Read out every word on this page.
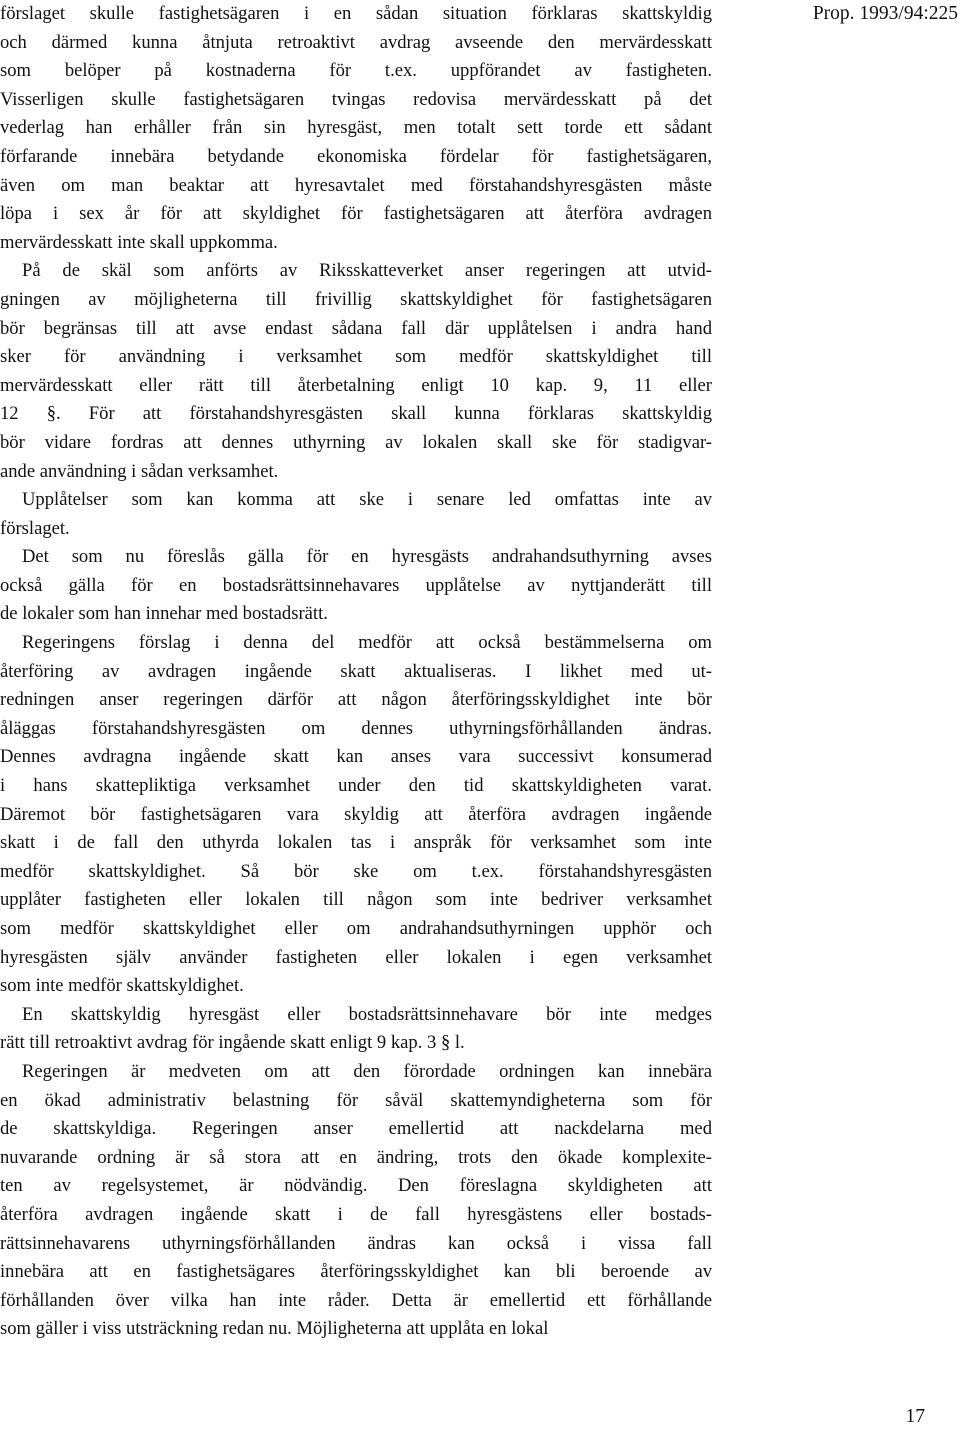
Prop. 1993/94:225

förslaget skulle fastighetsägaren i en sådan situation förklaras skattskyldig
och därmed kunna åtnjuta retroaktivt avdrag avseende den mervärdesskatt
som belöper på kostnaderna för t.ex. uppförandet av fastigheten.
Visserligen skulle fastighetsägaren tvingas redovisa mervärdesskatt på det
vederlag han erhåller från sin hyresgäst, men totalt sett torde ett sådant
förfarande innebära betydande ekonomiska fördelar för fastighetsägaren,
även om man beaktar att hyresavtalet med förstahandshyresgästen måste
löpa i sex år för att skyldighet för fastighetsägaren att återföra avdragen
mervärdesskatt inte skall uppkomma.

På de skäl som anförts av Riksskatteverket anser regeringen att utvid-
gningen av möjligheterna till frivillig skattskyldighet för fastighetsägaren
bör begränsas till att avse endast sådana fall där upplåtelsen i andra hand
sker för användning i verksamhet som medför skattskyldighet till
mervärdesskatt eller rätt till återbetalning enligt 10 kap. 9, 11 eller
12 §. För att förstahandshyresgästen skall kunna förklaras skattskyldig
bör vidare fordras att dennes uthyrning av lokalen skall ske för stadigvar-
ande användning i sådan verksamhet.

Upplåtelser som kan komma att ske i senare led omfattas inte av
förslaget.

Det som nu föreslås gälla för en hyresgästs andrahandsuthyrning avses
också gälla för en bostadsrättsinnehavares upplåtelse av nyttjanderätt till
de lokaler som han innehar med bostadsrätt.

Regeringens förslag i denna del medför att också bestämmelserna om
återföring av avdragen ingående skatt aktualiseras. I likhet med ut-
redningen anser regeringen därför att någon återföringsskyldighet inte bör
åläggas förstahandshyresgästen om dennes uthyrningsförhållanden ändras.
Dennes avdragna ingående skatt kan anses vara successivt konsumerad
i hans skattepliktiga verksamhet under den tid skattskyldigheten varat.
Däremot bör fastighetsägaren vara skyldig att återföra avdragen ingående
skatt i de fall den uthyrda lokalen tas i anspråk för verksamhet som inte
medför skattskyldighet. Så bör ske om t.ex. förstahandshyresgästen
upplåter fastigheten eller lokalen till någon som inte bedriver verksamhet
som medför skattskyldighet eller om andrahandsuthyrningen upphör och
hyresgästen själv använder fastigheten eller lokalen i egen verksamhet
som inte medför skattskyldighet.

En skattskyldig hyresgäst eller bostadsrättsinnehavare bör inte medges
rätt till retroaktivt avdrag för ingående skatt enligt 9 kap. 3 § l.

Regeringen är medveten om att den förordade ordningen kan innebära
en ökad administrativ belastning för såväl skattemyndigheterna som för
de skattskyldiga. Regeringen anser emellertid att nackdelarna med
nuvarande ordning är så stora att en ändring, trots den ökade komplexite-
ten av regelsystemet, är nödvändig. Den föreslagna skyldigheten att
återföra avdragen ingående skatt i de fall hyresgästens eller bostads-
rättsinnehavarens uthyrningsförhållanden ändras kan också i vissa fall
innebära att en fastighetsägares återföringsskyldighet kan bli beroende av
förhållanden över vilka han inte råder. Detta är emellertid ett förhållande
som gäller i viss utsträckning redan nu. Möjligheterna att upplåta en lokal

17
